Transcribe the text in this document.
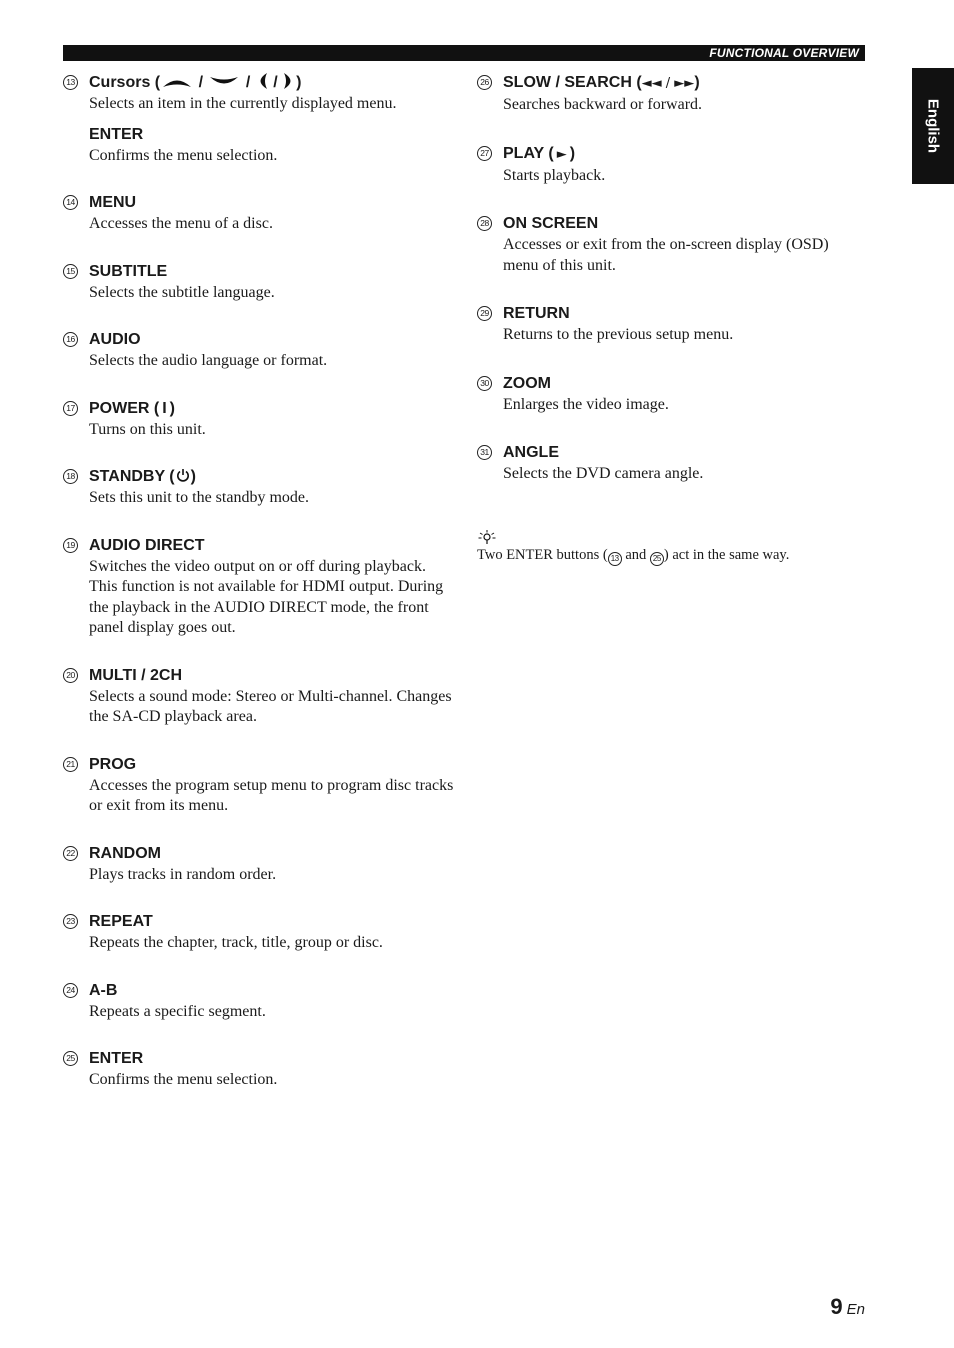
FUNCTIONAL OVERVIEW
English
13 Cursors ( /  /  / )

Selects an item in the currently displayed menu.

ENTER

Confirms the menu selection.

14 MENU

Accesses the menu of a disc.

15 SUBTITLE

Selects the subtitle language.

16 AUDIO

Selects the audio language or format.

17 POWER ( I )

Turns on this unit.

18 STANDBY ( )

Sets this unit to the standby mode.

19 AUDIO DIRECT

Switches the video output on or off during playback. This function is not available for HDMI output. During the playback in the AUDIO DIRECT mode, the front panel display goes out.

20 MULTI / 2CH

Selects a sound mode: Stereo or Multi-channel. Changes the SA-CD playback area.

21 PROG

Accesses the program setup menu to program disc tracks or exit from its menu.

22 RANDOM

Plays tracks in random order.

23 REPEAT

Repeats the chapter, track, title, group or disc.

24 A-B

Repeats a specific segment.

25 ENTER

Confirms the menu selection.

26 SLOW / SEARCH (◄◄ / ►►)

Searches backward or forward.

27 PLAY ( ► )

Starts playback.

28 ON SCREEN

Accesses or exit from the on-screen display (OSD) menu of this unit.

29 RETURN

Returns to the previous setup menu.

30 ZOOM

Enlarges the video image.

31 ANGLE

Selects the DVD camera angle.

Two ENTER buttons ( 13 and 25 ) act in the same way.

9 En
